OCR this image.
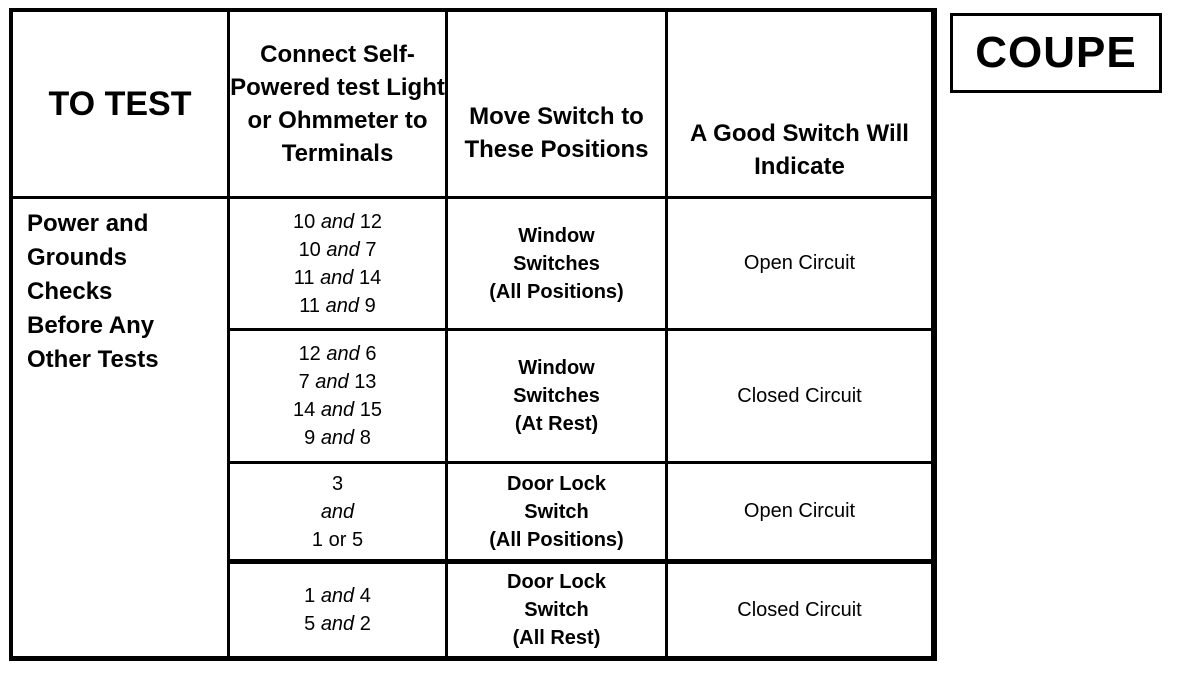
TO TEST
Connect Self- Powered test Light or Ohmmeter to Terminals
Move Switch to These Positions
A Good Switch Will Indicate
Power and
Grounds
Checks
Before Any
Other Tests
10 and 12
10 and 7
11 and 14
11 and 9
Window
Switches
(All Positions)
Open Circuit
12 and 6
7 and 13
14 and 15
9 and 8
Window
Switches
(At Rest)
Closed Circuit
3
and
1 or 5
Door Lock
Switch
(All Positions)
Open Circuit
1 and 4
5 and 2
Door Lock
Switch
(All Rest)
Closed Circuit
COUPE
